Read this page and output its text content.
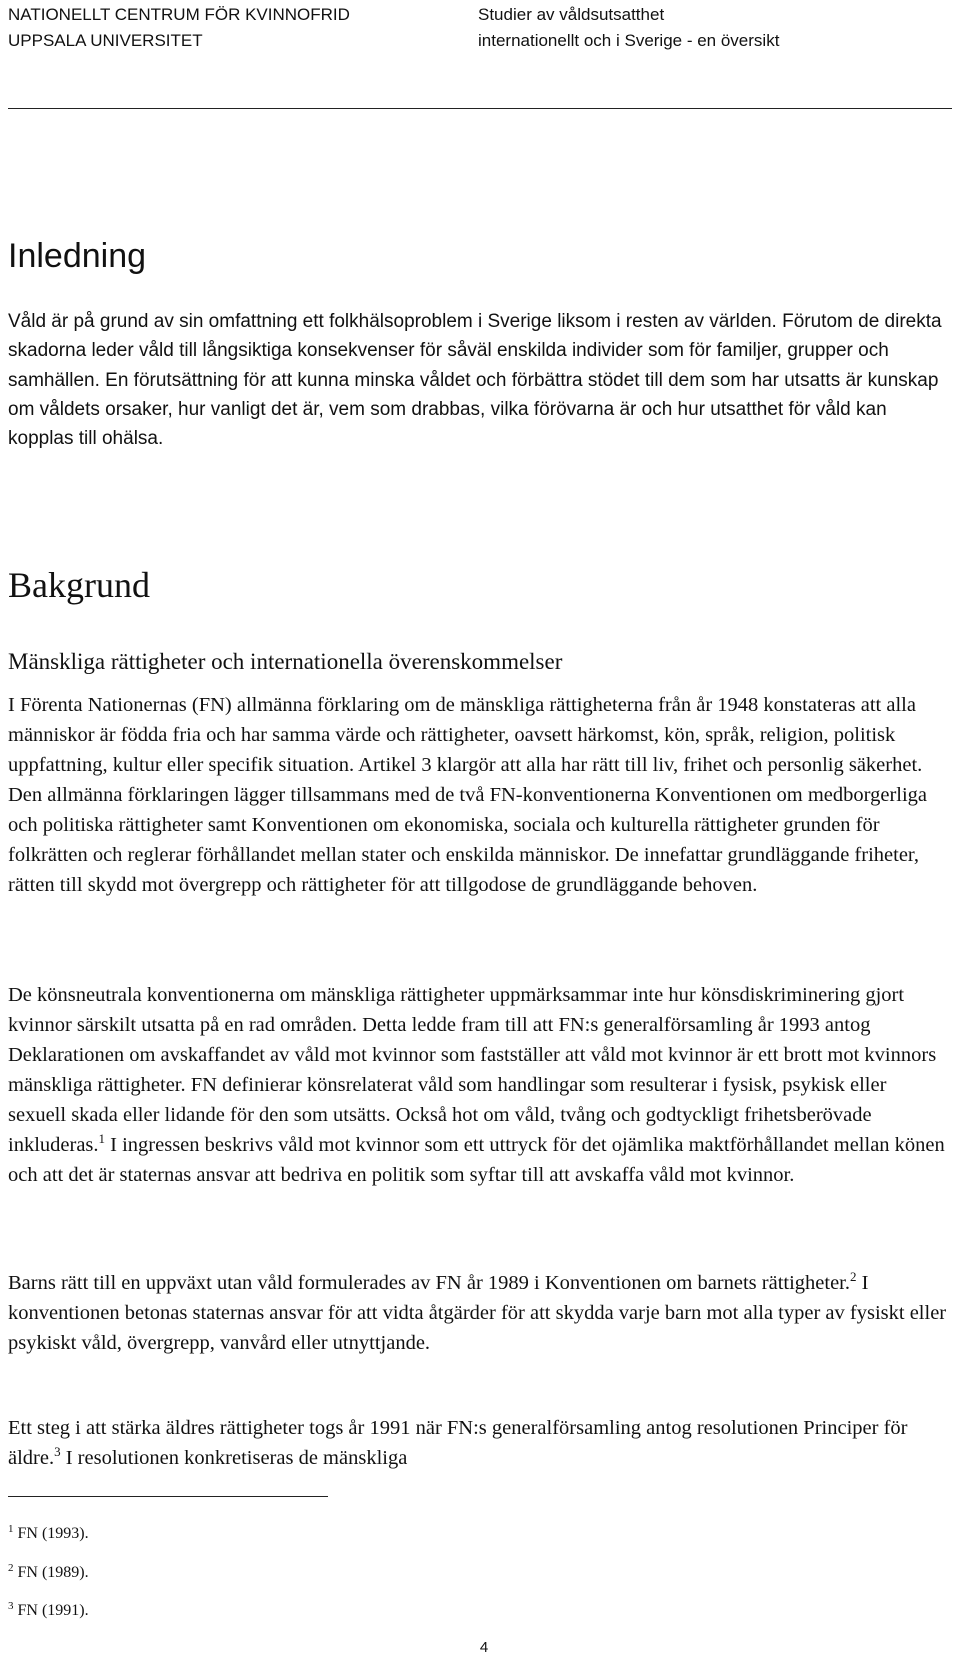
NATIONELLT CENTRUM FÖR KVINNOFRID
UPPSALA UNIVERSITET
Studier av våldsutsatthet
internationellt och i Sverige - en översikt
Inledning

Våld är på grund av sin omfattning ett folkhälsoproblem i Sverige liksom i resten av världen. Förutom de direkta skadorna leder våld till långsiktiga konsekvenser för såväl enskilda individer som för familjer, grupper och samhällen. En förutsättning för att kunna minska våldet och förbättra stödet till dem som har utsatts är kunskap om våldets orsaker, hur vanligt det är, vem som drabbas, vilka förövarna är och hur utsatthet för våld kan kopplas till ohälsa.

Bakgrund
Mänskliga rättigheter och internationella överenskommelser

I Förenta Nationernas (FN) allmänna förklaring om de mänskliga rättigheterna från år 1948 konstateras att alla människor är födda fria och har samma värde och rättigheter, oavsett härkomst, kön, språk, religion, politisk uppfattning, kultur eller specifik situation. Artikel 3 klargör att alla har rätt till liv, frihet och personlig säkerhet. Den allmänna förklaringen lägger tillsammans med de två FN-konventionerna Konventionen om medborgerliga och politiska rättigheter samt Konventionen om ekonomiska, sociala och kulturella rättigheter grunden för folkrätten och reglerar förhållandet mellan stater och enskilda människor. De innefattar grundläggande friheter, rätten till skydd mot övergrepp och rättigheter för att tillgodose de grundläggande behoven.

De könsneutrala konventionerna om mänskliga rättigheter uppmärksammar inte hur könsdiskriminering gjort kvinnor särskilt utsatta på en rad områden. Detta ledde fram till att FN:s generalförsamling år 1993 antog Deklarationen om avskaffandet av våld mot kvinnor som fastställer att våld mot kvinnor är ett brott mot kvinnors mänskliga rättigheter. FN definierar könsrelaterat våld som handlingar som resulterar i fysisk, psykisk eller sexuell skada eller lidande för den som utsätts. Också hot om våld, tvång och godtyckligt frihetsberövade inkluderas.$^1$ I ingressen beskrivs våld mot kvinnor som ett uttryck för det ojämlika maktförhållandet mellan könen och att det är staternas ansvar att bedriva en politik som syftar till att avskaffa våld mot kvinnor.

Barns rätt till en uppväxt utan våld formulerades av FN år 1989 i Konventionen om barnets rättigheter.$^2$ I konventionen betonas staternas ansvar för att vidta åtgärder för att skydda varje barn mot alla typer av fysiskt eller psykiskt våld, övergrepp, vanvård eller utnyttjande.

Ett steg i att stärka äldres rättigheter togs år 1991 när FN:s generalförsamling antog resolutionen Principer för äldre.$^3$ I resolutionen konkretiseras de mänskliga

$^1$ FN (1993).

$^2$ FN (1989).

$^3$ FN (1991).

4
